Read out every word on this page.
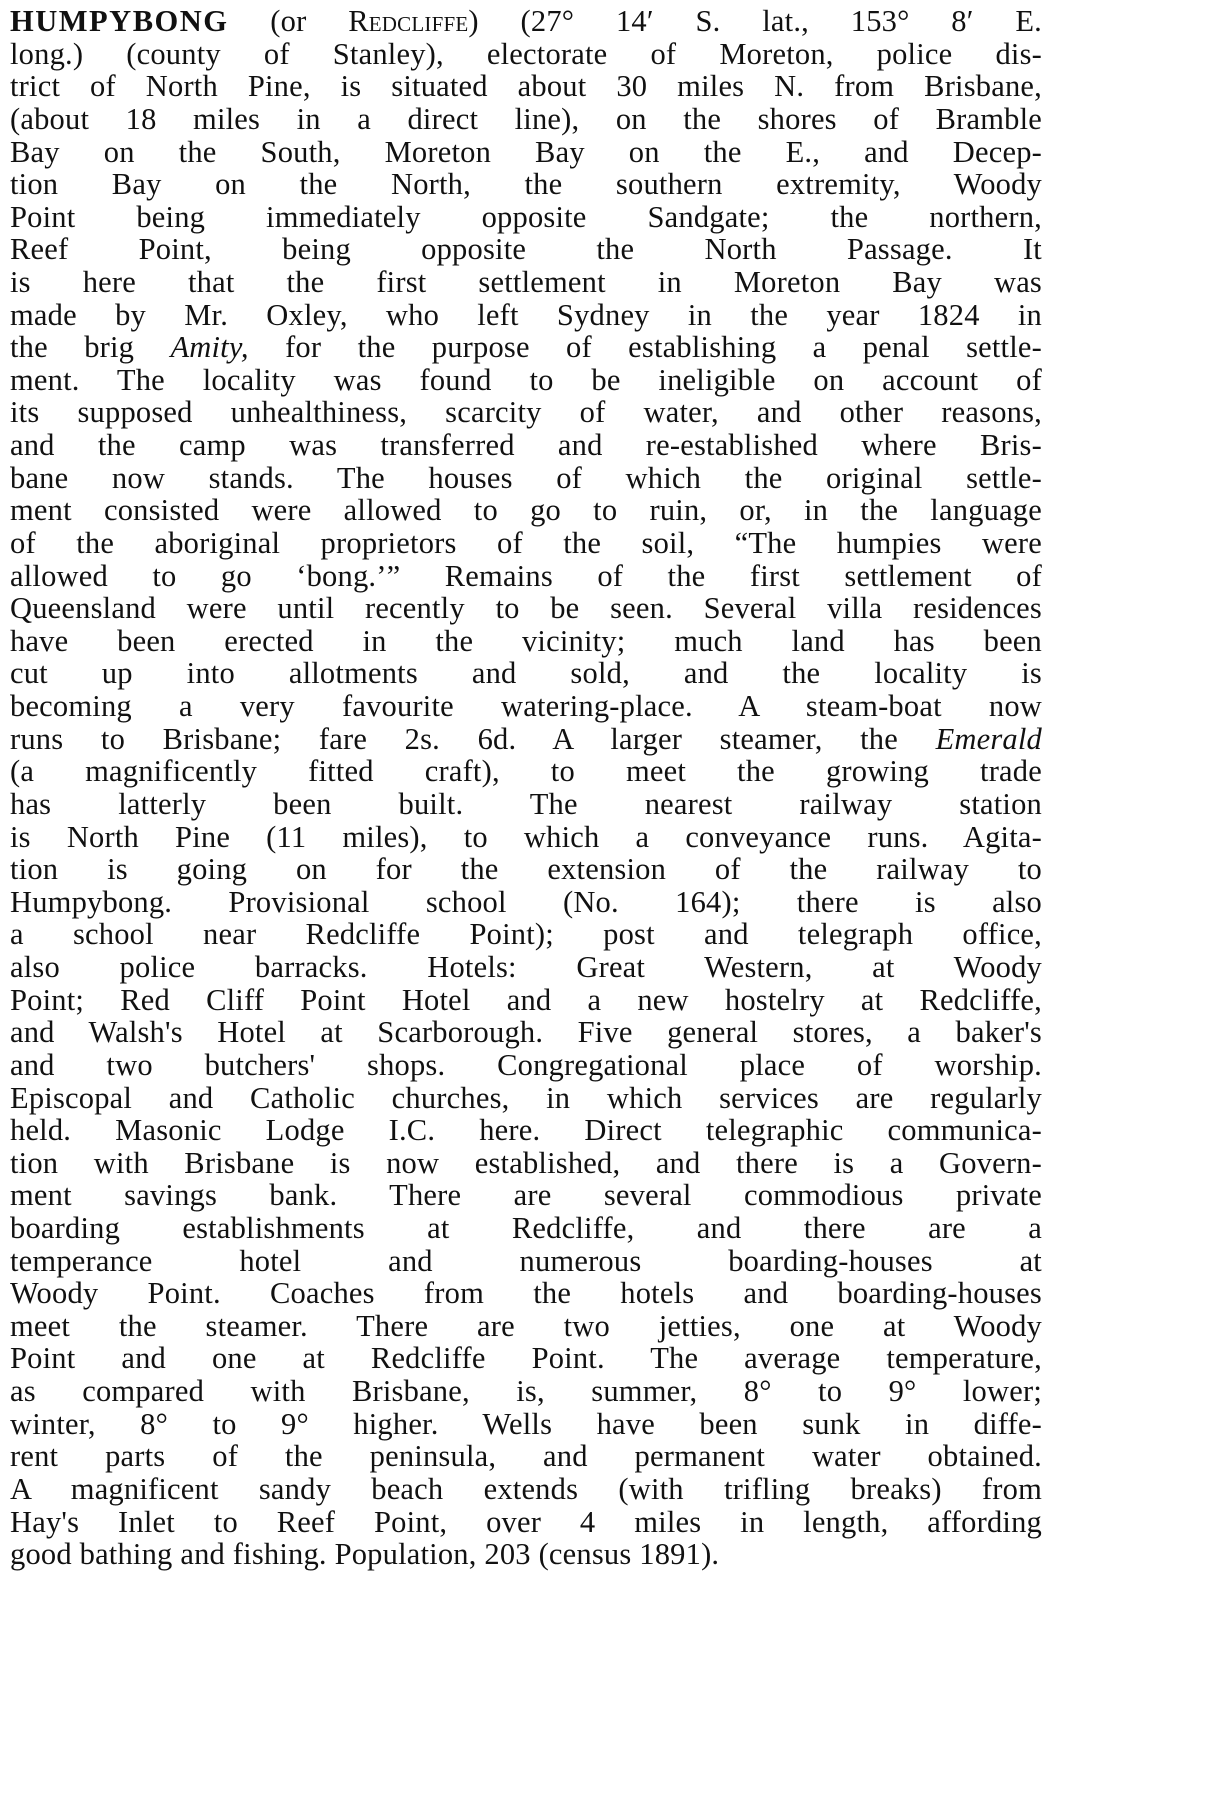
HUMPYBONG (or Redcliffe) (27° 14′ S. lat., 153° 8′ E.
long.) (county of Stanley), electorate of Moreton, police dis-
trict of North Pine, is situated about 30 miles N. from Brisbane,
(about 18 miles in a direct line), on the shores of Bramble
Bay on the South, Moreton Bay on the E., and Decep-
tion Bay on the North, the southern extremity, Woody
Point being immediately opposite Sandgate; the northern,
Reef Point, being opposite the North Passage. It
is here that the first settlement in Moreton Bay was
made by Mr. Oxley, who left Sydney in the year 1824 in
the brig Amity, for the purpose of establishing a penal settle-
ment. The locality was found to be ineligible on account of
its supposed unhealthiness, scarcity of water, and other reasons,
and the camp was transferred and re-established where Bris-
bane now stands. The houses of which the original settle-
ment consisted were allowed to go to ruin, or, in the language
of the aboriginal proprietors of the soil, “The humpies were
allowed to go ‘bong.’” Remains of the first settlement of
Queensland were until recently to be seen. Several villa residences
have been erected in the vicinity; much land has been
cut up into allotments and sold, and the locality is
becoming a very favourite watering-place. A steam-boat now
runs to Brisbane; fare 2s. 6d. A larger steamer, the Emerald
(a magnificently fitted craft), to meet the growing trade
has latterly been built. The nearest railway station
is North Pine (11 miles), to which a conveyance runs. Agita-
tion is going on for the extension of the railway to
Humpybong. Provisional school (No. 164); there is also
a school near Redcliffe Point); post and telegraph office,
also police barracks. Hotels: Great Western, at Woody
Point; Red Cliff Point Hotel and a new hostelry at Redcliffe,
and Walsh's Hotel at Scarborough. Five general stores, a baker's
and two butchers' shops. Congregational place of worship.
Episcopal and Catholic churches, in which services are regularly
held. Masonic Lodge I.C. here. Direct telegraphic communica-
tion with Brisbane is now established, and there is a Govern-
ment savings bank. There are several commodious private
boarding establishments at Redcliffe, and there are a
temperance hotel and numerous boarding-houses at
Woody Point. Coaches from the hotels and boarding-houses
meet the steamer. There are two jetties, one at Woody
Point and one at Redcliffe Point. The average temperature,
as compared with Brisbane, is, summer, 8° to 9° lower;
winter, 8° to 9° higher. Wells have been sunk in diffe-
rent parts of the peninsula, and permanent water obtained.
A magnificent sandy beach extends (with trifling breaks) from
Hay's Inlet to Reef Point, over 4 miles in length, affording
good bathing and fishing. Population, 203 (census 1891).
